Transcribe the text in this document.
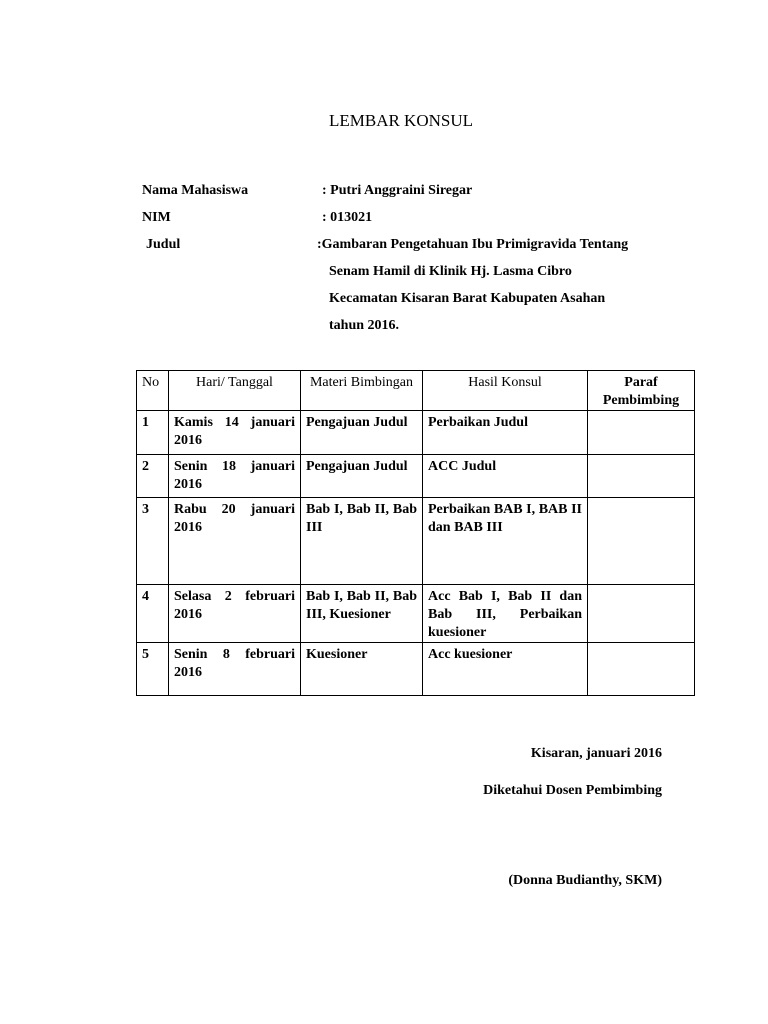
LEMBAR KONSUL
Nama Mahasiswa	: Putri Anggraini Siregar
NIM	: 013021
Judul	:Gambaran Pengetahuan Ibu Primigravida Tentang
Senam Hamil di Klinik Hj. Lasma Cibro
Kecamatan Kisaran Barat Kabupaten Asahan
tahun 2016.
No	Hari/ Tanggal	Materi Bimbingan	Hasil Konsul	Paraf Pembimbing
1	Kamis 14 januari 2016	Pengajuan Judul	Perbaikan Judul	
2	Senin 18 januari 2016	Pengajuan Judul	ACC Judul	
3	Rabu 20 januari 2016	Bab I, Bab II, Bab III	Perbaikan BAB I, BAB II dan BAB III	
4	Selasa 2 februari 2016	Bab I, Bab II, Bab III, Kuesioner	Acc Bab I, Bab II dan Bab III, Perbaikan kuesioner	
5	Senin 8 februari 2016	Kuesioner	Acc kuesioner	
Kisaran, januari 2016
Diketahui Dosen Pembimbing
(Donna Budianthy, SKM)
